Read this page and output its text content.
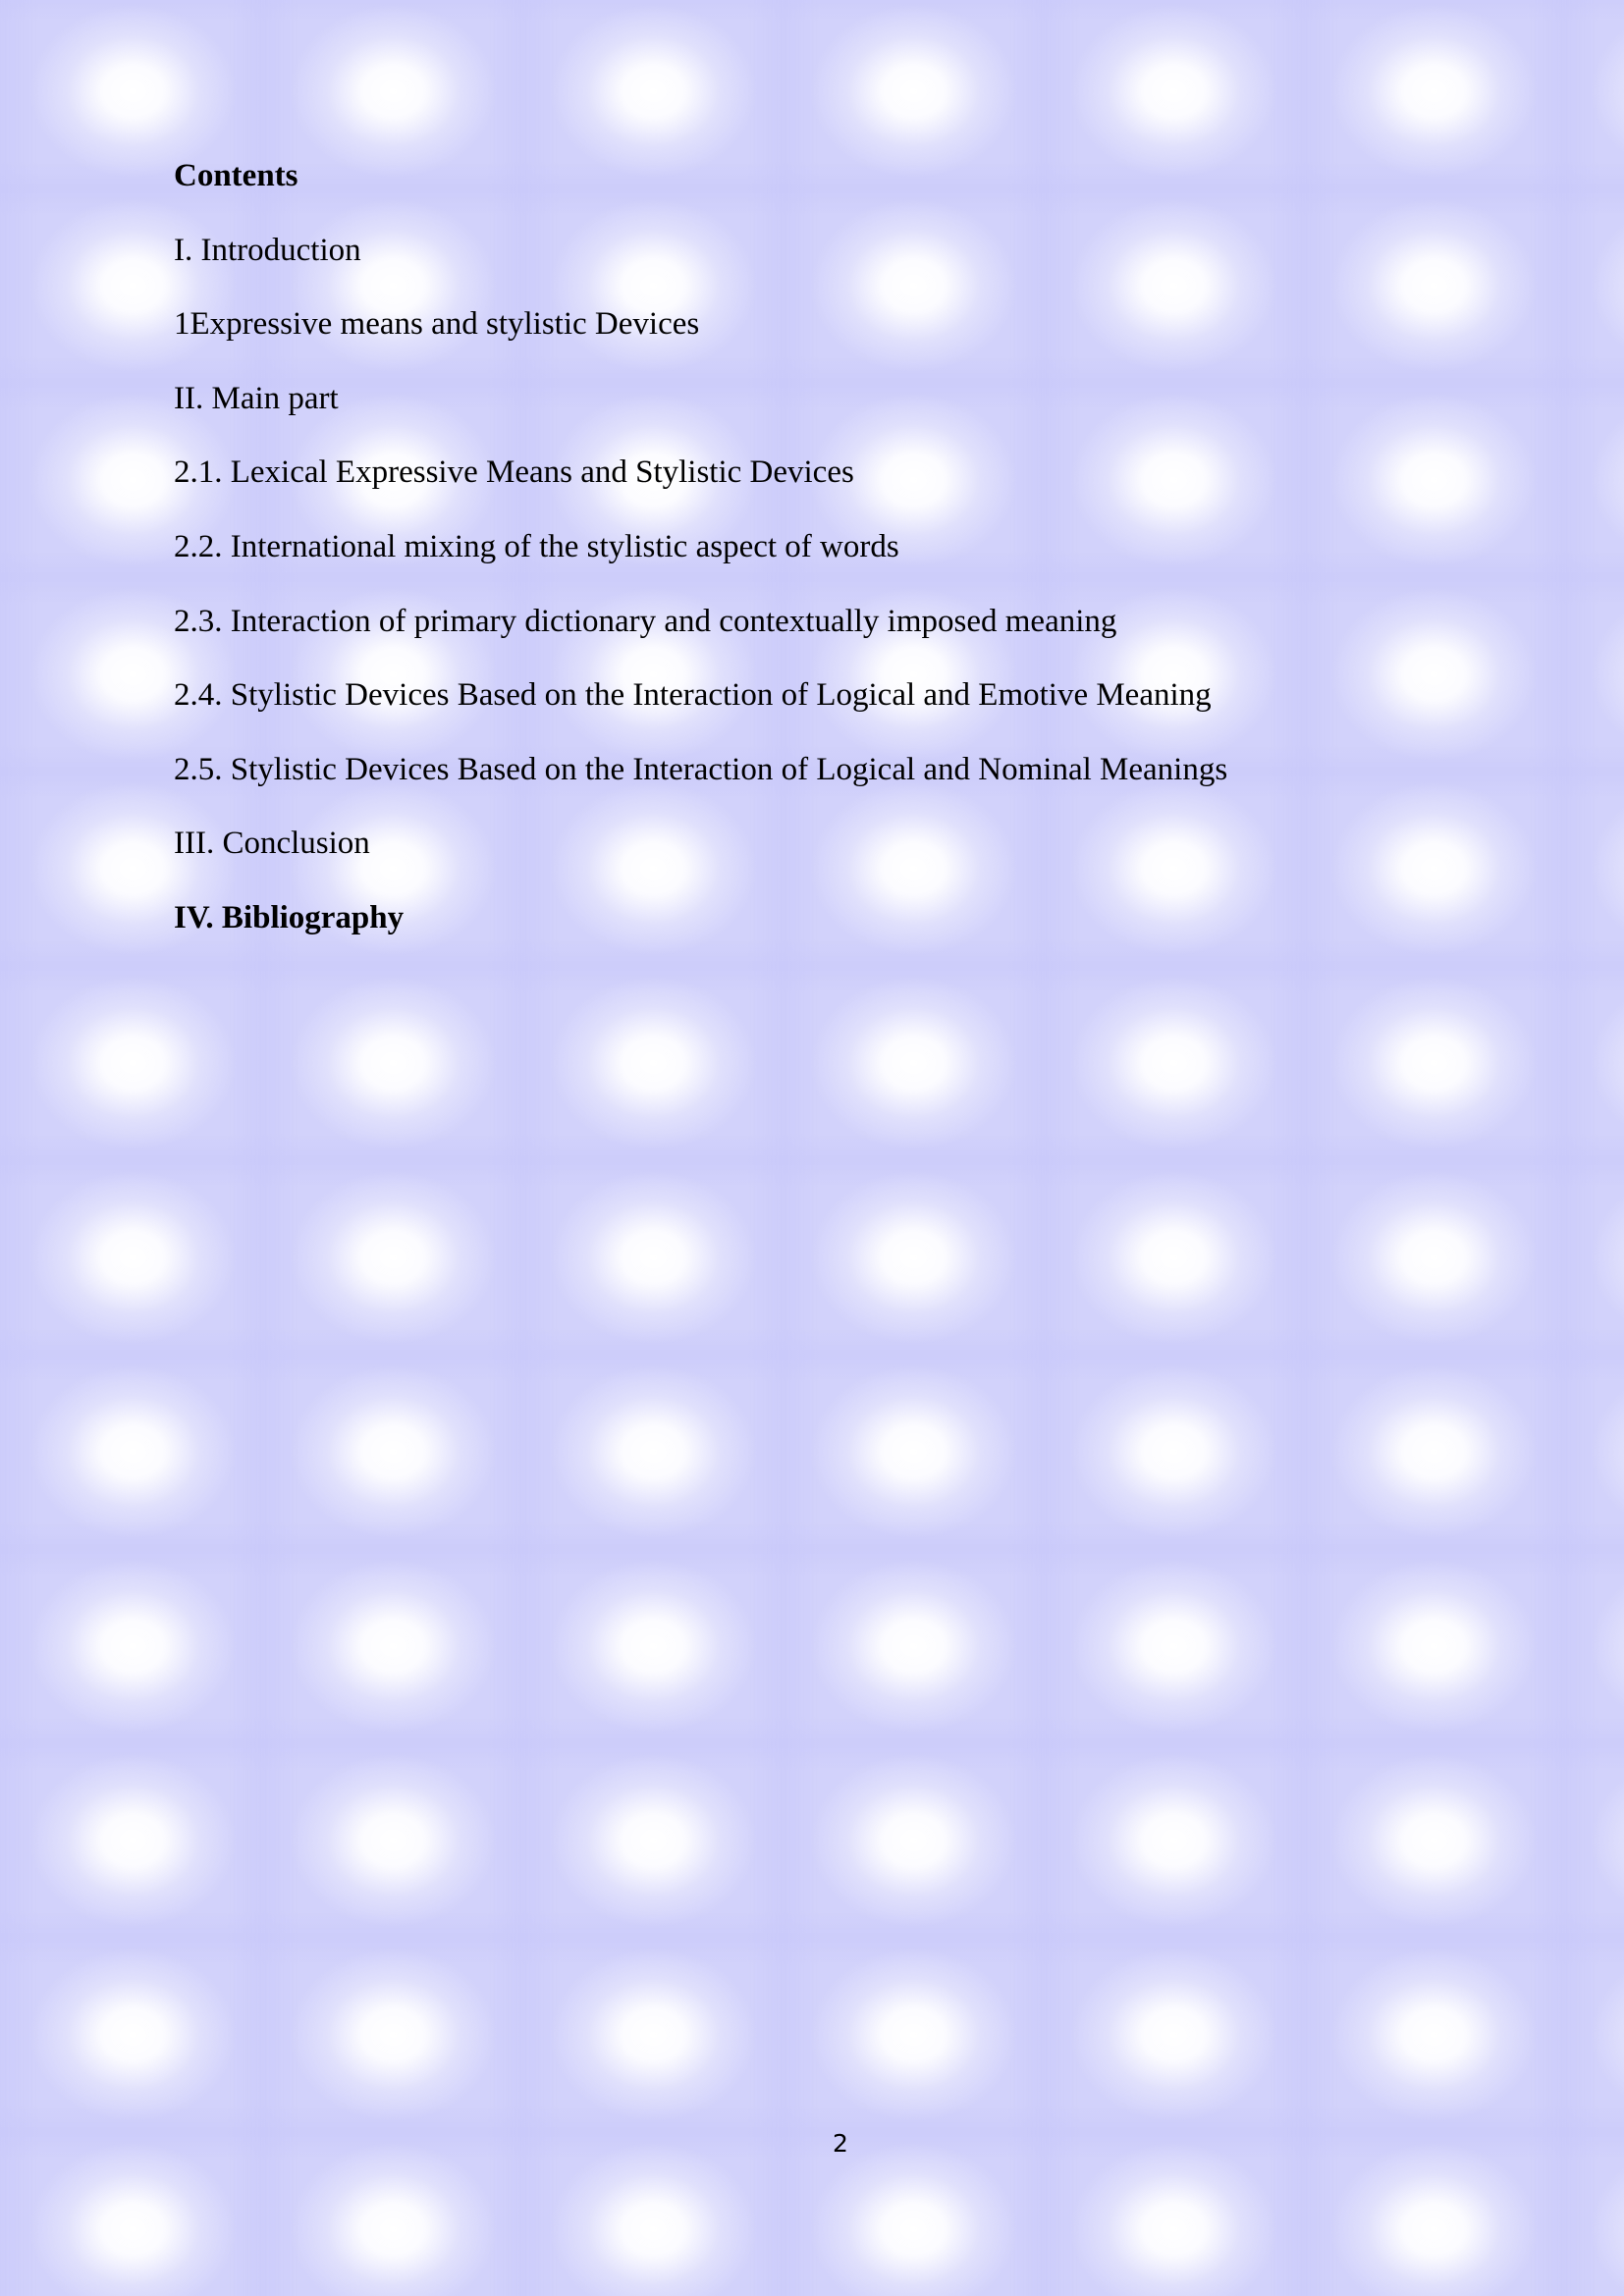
Contents

I. Introduction

1Expressive means and stylistic Devices

II. Main part

2.1. Lexical Expressive Means and Stylistic Devices

2.2. International mixing of the stylistic aspect of words

2.3. Interaction of primary dictionary and contextually imposed meaning

2.4. Stylistic Devices Based on the Interaction of Logical and Emotive Meaning

2.5. Stylistic Devices Based on the Interaction of Logical and Nominal Meanings

III. Conclusion

IV. Bibliography

2
